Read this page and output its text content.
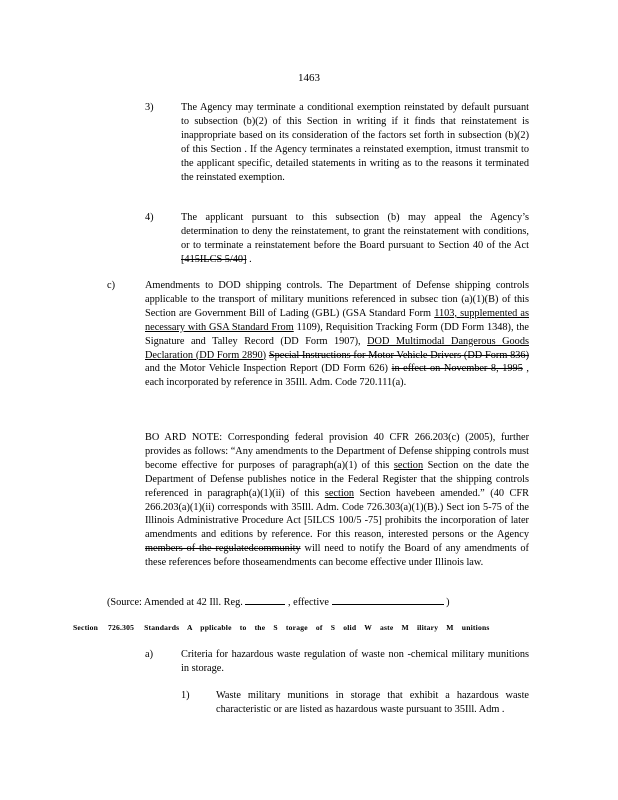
1463
3)	The Agency may terminate a conditional exemption reinstated by default pursuant to subsection (b)(2) of this Section in writing if it finds that reinstatement is inappropriate based on its consideration of the factors set forth in subsection (b)(2) of this Section . If the Agency terminates a reinstated exemption, itmust transmit to the applicant specific, detailed statements in writing as to the reasons it terminated the reinstated exemption.
4)	The applicant pursuant to this subsection (b) may appeal the Agency’s determination to deny the reinstatement, to grant the reinstatement with conditions, or to terminate a reinstatement before the Board pursuant to Section 40 of the Act [415ILCS 5/40] .
c)	Amendments to DOD shipping controls. The Department of Defense shipping controls applicable to the transport of military munitions referenced in subsec tion (a)(1)(B) of this Section are Government Bill of Lading (GBL) (GSA Standard Form 1103, supplemented as necessary with GSA Standard From 1109), Requisition Tracking Form (DD Form 1348), the Signature and Talley Record (DD Form 1907), DOD Multimodal Dangerous Goods Declaration (DD Form 2890) Special Instructions for Motor Vehicle Drivers (DD Form 836) and the Motor Vehicle Inspection Report (DD Form 626) in effect on November 8, 1995 , each incorporated by reference in 35Ill. Adm. Code 720.111(a).
BO ARD NOTE: Corresponding federal provision 40 CFR 266.203(c) (2005), further provides as follows: “Any amendments to the Department of Defense shipping controls must become effective for purposes of paragraph(a)(1) of this section Section on the date the Department of Defense publishes notice in the Federal Register that the shipping controls referenced in paragraph(a)(1)(ii) of this section Section havebeen amended.” (40 CFR 266.203(a)(1)(ii) corresponds with 35Ill. Adm. Code 726.303(a)(1)(B).) Sect ion 5-75 of the Illinois Administrative Procedure Act [5ILCS 100/5 -75] prohibits the incorporation of later amendments and editions by reference. For this reason, interested persons or the Agency members of the regulatedcommunity will need to notify the Board of any amendments of these references before thoseamendments can become effective under Illinois law.
(Source: Amended at 42 Ill. Reg.	, effective	)
Section 726.305 Standards A pplicable to the S torage of S olid W aste M ilitary M unitions
a)	Criteria for hazardous waste regulation of waste non -chemical military munitions in storage.
1)	Waste military munitions in storage that exhibit a hazardous waste characteristic or are listed as hazardous waste pursuant to 35Ill. Adm .
